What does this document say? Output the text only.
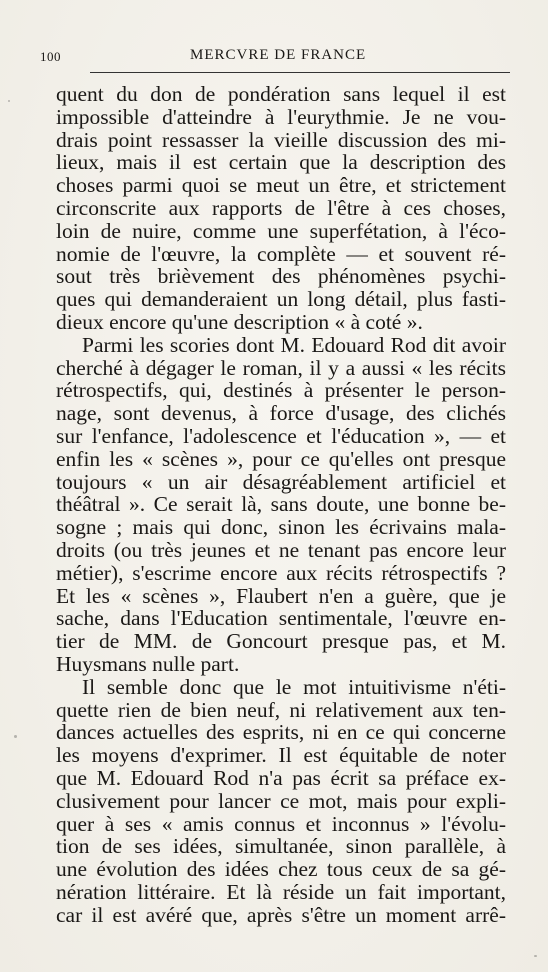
100	MERCVRE DE FRANCE
quent du don de pondération sans lequel il est
impossible d'atteindre à l'eurythmie. Je ne vou-
drais point ressasser la vieille discussion des mi-
lieux, mais il est certain que la description des
choses parmi quoi se meut un être, et strictement
circonscrite aux rapports de l'être à ces choses,
loin de nuire, comme une superfétation, à l'éco-
nomie de l'œuvre, la complète — et souvent ré-
sout très brièvement des phénomènes psychi-
ques qui demanderaient un long détail, plus fasti-
dieux encore qu'une description « à coté ».
Parmi les scories dont M. Edouard Rod dit avoir
cherché à dégager le roman, il y a aussi « les récits
rétrospectifs, qui, destinés à présenter le person-
nage, sont devenus, à force d'usage, des clichés
sur l'enfance, l'adolescence et l'éducation », — et
enfin les « scènes », pour ce qu'elles ont presque
toujours « un air désagréablement artificiel et
théâtral ». Ce serait là, sans doute, une bonne be-
sogne ; mais qui donc, sinon les écrivains mala-
droits (ou très jeunes et ne tenant pas encore leur
métier), s'escrime encore aux récits rétrospectifs ?
Et les « scènes », Flaubert n'en a guère, que je
sache, dans l'Education sentimentale, l'œuvre en-
tier de MM. de Goncourt presque pas, et M.
Huysmans nulle part.
Il semble donc que le mot intuitivisme n'éti-
quette rien de bien neuf, ni relativement aux ten-
dances actuelles des esprits, ni en ce qui concerne
les moyens d'exprimer. Il est équitable de noter
que M. Edouard Rod n'a pas écrit sa préface ex-
clusivement pour lancer ce mot, mais pour expli-
quer à ses « amis connus et inconnus » l'évolu-
tion de ses idées, simultanée, sinon parallèle, à
une évolution des idées chez tous ceux de sa gé-
nération littéraire. Et là réside un fait important,
car il est avéré que, après s'être un moment arrê-
